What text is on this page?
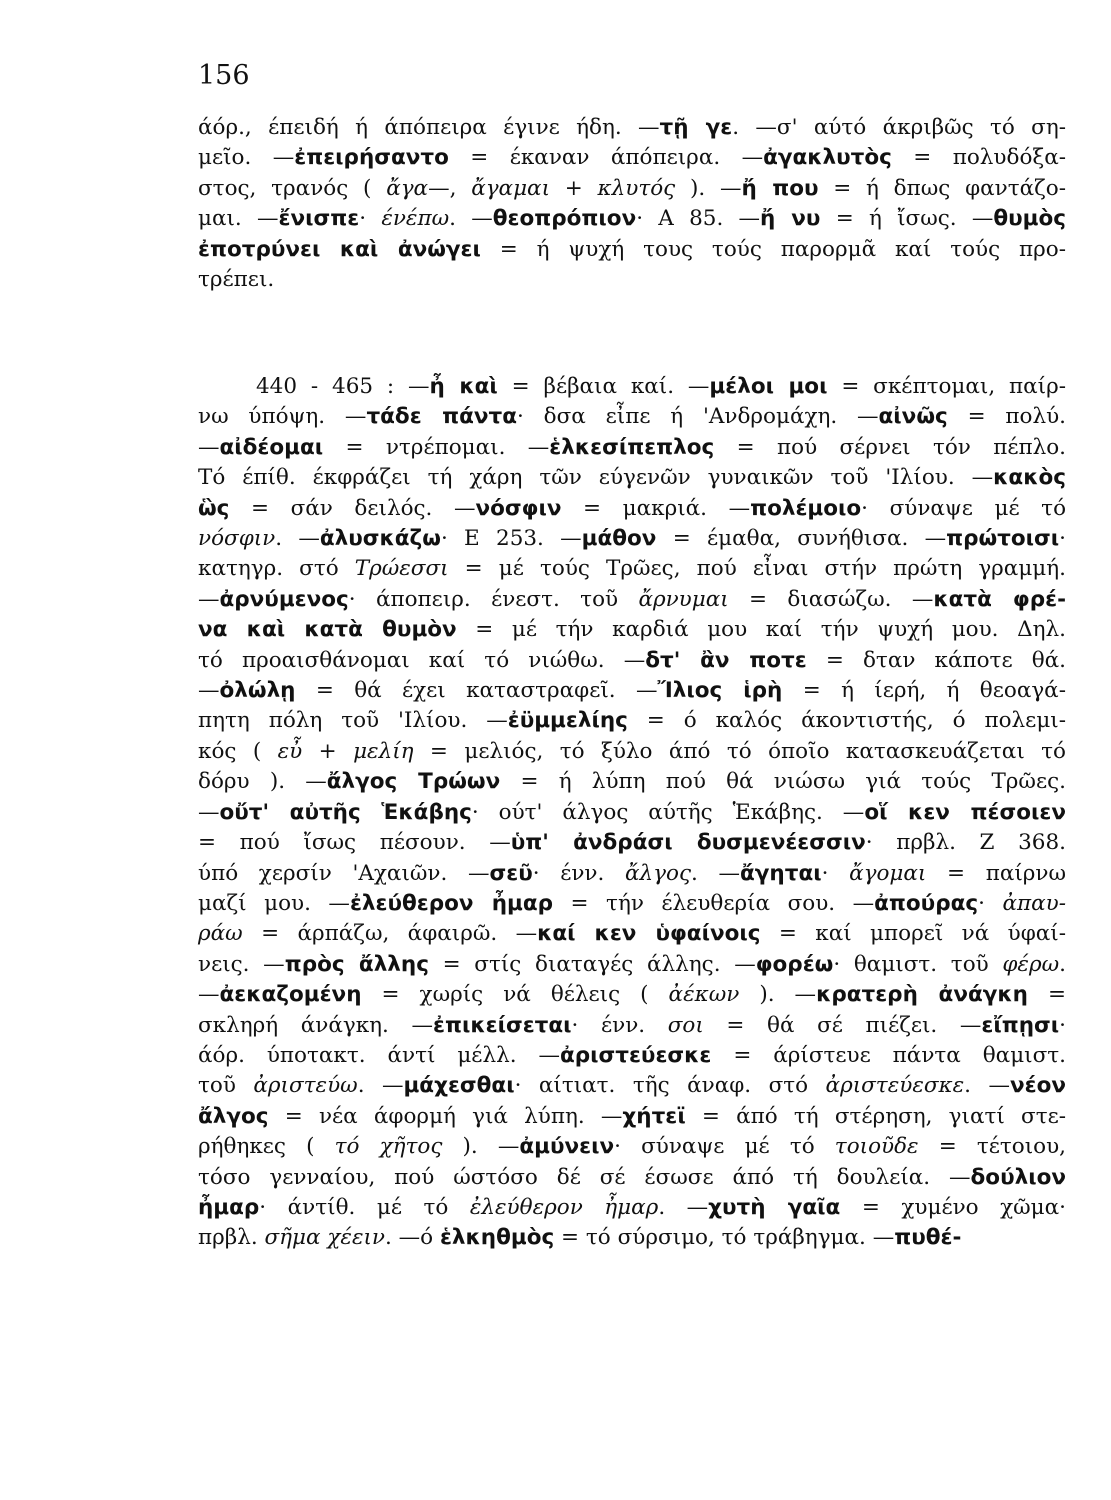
156
άόρ., έπειδή ή άπόπειρα έγινε ήδη. —τῇ γε. —σ' αύτό άκριβῶς τό ση-
μεῖο. —ἐπειρήσαντο = έκαναν άπόπειρα. —ἀγακλυτὸς = πολυδόξα-
στος, τρανός ( ἄγα—, ἄγαμαι + κλυτός ). —ἤ που = ή δπως φαντάζο-
μαι. —ἔνισπε· ένέπω. —θεοπρόπιον· A 85. —ἤ νυ = ή ἴσως. —θυμὸς
ἐποτρύνει καὶ ἀνώγει = ή ψυχή τους τούς παρορμᾶ καί τούς προ-
τρέπει.
440 - 465 : —ἦ καὶ = βέβαια καί. —μέλοι μοι = σκέπτομαι, παίρ-
νω ύπόψη. —τάδε πάντα· δσα εἶπε ή 'Ανδρομάχη. —αἰνῶς = πολύ.
—αἰδέομαι = ντρέπομαι. —ἑλκεσίπεπλος = πού σέρνει τόν πέπλο.
Τό έπίθ. έκφράζει τή χάρη τῶν εύγενῶν γυναικῶν τοῦ 'Ιλίου. —κακὸς
ὣς = σάν δειλός. —νόσφιν = μακριά. —πολέμοιο· σύναψε μέ τό
νόσφιν. —ἀλυσκάζω· E 253. —μάθον = έμαθα, συνήθισα. —πρώτοισι·
κατηγρ. στό Τρώεσσι = μέ τούς Τρῶες, πού εἶναι στήν πρώτη γραμμή.
—ἀρνύμενος· άποπειρ. ένεστ. τοῦ ἄρνυμαι = διασώζω. —κατὰ φρέ-
να καὶ κατὰ θυμὸν = μέ τήν καρδιά μου καί τήν ψυχή μου. Δηλ.
τό προαισθάνομαι καί τό νιώθω. —δτ' ἂν ποτε = δταν κάποτε θά.
—ὀλώλῃ = θά έχει καταστραφεῖ. —Ἴλιος ἱρὴ = ή ίερή, ή θεοαγά-
πητη πόλη τοῦ 'Ιλίου. —ἐϋμμελίης = ό καλός άκοντιστής, ό πολεμι-
κός ( εὖ + μελίη = μελιός, τό ξύλο άπό τό όποῖο κατασκευάζεται τό
δόρυ ). —ἄλγος Τρώων = ή λύπη πού θά νιώσω γιά τούς Τρῶες.
—οὔτ' αὐτῆς Ἑκάβης· ούτ' άλγος αύτῆς Ἑκάβης. —οἵ κεν πέσοιεν
= πού ἴσως πέσουν. —ὑπ' ἀνδράσι δυσμενέεσσιν· πρβλ. Z 368.
ύπό χερσίν 'Αχαιῶν. —σεῦ· ένν. ἄλγος. —ἄγηται· ἄγομαι = παίρνω
μαζί μου. —ἐλεύθερον ἦμαρ = τήν έλευθερία σου. —ἀπούρας· ἀπαυ-
ράω = άρπάζω, άφαιρῶ. —καί κεν ὑφαίνοις = καί μπορεῖ νά ύφαί-
νεις. —πρὸς ἄλλης = στίς διαταγές άλλης. —φορέω· θαμιστ. τοῦ φέρω.
—ἀεκαζομένη = χωρίς νά θέλεις ( ἀέκων ). —κρατερὴ ἀνάγκη =
σκληρή άνάγκη. —ἐπικείσεται· ένν. σοι = θά σέ πιέζει. —εἴπῃσι·
άόρ. ύποτακτ. άντί μέλλ. —ἀριστεύεσκε = άρίστευε πάντα θαμιστ.
τοῦ ἀριστεύω. —μάχεσθαι· αίτιατ. τῆς άναφ. στό ἀριστεύεσκε. —νέον
ἄλγος = νέα άφορμή γιά λύπη. —χήτεϊ = άπό τή στέρηση, γιατί στε-
ρήθηκες ( τό χῆτος ). —ἀμύνειν· σύναψε μέ τό τοιοῦδε = τέτοιου,
τόσο γενναίου, πού ώστόσο δέ σέ έσωσε άπό τή δουλεία. —δούλιον
ἦμαρ· άντίθ. μέ τό ἐλεύθερον ἦμαρ. —χυτὴ γαῖα = χυμένο χῶμα·
πρβλ. σῆμα χέειν. —ό ἑλκηθμὸς = τό σύρσιμο, τό τράβηγμα. —πυθέ-
